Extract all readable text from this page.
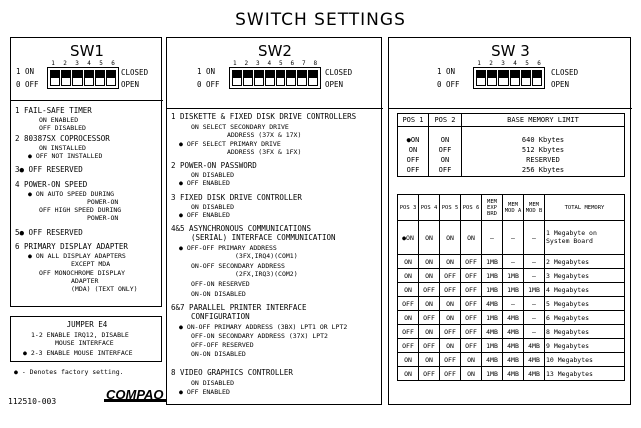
SWITCH SETTINGS
SW1
1 ON
0 OFF
1	2	3	4	5	6
CLOSED
OPEN
1 FAIL-SAFE TIMER
ON ENABLED
OFF DISABLED
2 80387SX COPROCESSOR
ON INSTALLED
● OFF NOT INSTALLED
3● OFF RESERVED
4 POWER-ON SPEED
● ON AUTO SPEED DURING
POWER-ON
OFF HIGH SPEED DURING
POWER-ON
5● OFF RESERVED
6 PRIMARY DISPLAY ADAPTER
● ON ALL DISPLAY ADAPTERS
EXCEPT MDA
OFF MONOCHROME DISPLAY
ADAPTER
(MDA) (TEXT ONLY)
JUMPER E4
1-2 ENABLE IRQ12, DISABLE
MOUSE INTERFACE
● 2-3 ENABLE MOUSE INTERFACE
● - Denotes factory setting.
112510-003	COMPAQ
SW2
1 ON
0 OFF
1	2	3	4	5	6	7	8
CLOSED
OPEN
1 DISKETTE & FIXED DISK DRIVE CONTROLLERS
ON SELECT SECONDARY DRIVE
ADDRESS (37X & 17X)
● OFF SELECT PRIMARY DRIVE
ADDRESS (3FX & 1FX)
2 POWER-ON PASSWORD
ON DISABLED
● OFF ENABLED
3 FIXED DISK DRIVE CONTROLLER
ON DISABLED
● OFF ENABLED
4&5 ASYNCHRONOUS COMMUNICATIONS
(SERIAL) INTERFACE COMMUNICATION
● OFF-OFF PRIMARY ADDRESS
(3FX,IRQ4)(COM1)
ON-OFF SECONDARY ADDRESS
(2FX,IRQ3)(COM2)
OFF-ON RESERVED
ON-ON DISABLED
6&7 PARALLEL PRINTER INTERFACE
CONFIGURATION
● ON-OFF PRIMARY ADDRESS (3BX) LPT1 OR LPT2
OFF-ON SECONDARY ADDRESS (37X) LPT2
OFF-OFF RESERVED
ON-ON DISABLED
8 VIDEO GRAPHICS CONTROLLER
ON DISABLED
● OFF ENABLED
SW 3
1 ON
0 OFF
1	2	3	4	5	6
CLOSED
OPEN
POS 1	POS 2	BASE MEMORY LIMIT

●ON	ON	640 Kbytes
ON	OFF	512 Kbytes
OFF	ON	RESERVED
OFF	OFF	256 Kbytes
POS 3	POS 4	POS 5	POS 6	MEM EXP BRD	MEM MOD A	MEM MOD B	TOTAL MEMORY
●ON	ON	ON	ON	—	—	—	1 Megabyte on System Board
ON	ON	ON	OFF	1MB	—	—	2 Megabytes
ON	ON	OFF	OFF	1MB	1MB	—	3 Megabytes
ON	OFF	OFF	OFF	1MB	1MB	1MB	4 Megabytes
OFF	ON	ON	OFF	4MB	—	—	5 Megabytes
ON	OFF	ON	OFF	1MB	4MB	—	6 Megabytes
OFF	ON	OFF	OFF	4MB	4MB	—	8 Megabytes
OFF	OFF	ON	OFF	1MB	4MB	4MB	9 Megabytes
ON	ON	OFF	ON	4MB	4MB	4MB	10 Megabytes
ON	OFF	OFF	ON	1MB	4MB	4MB	13 Megabytes
